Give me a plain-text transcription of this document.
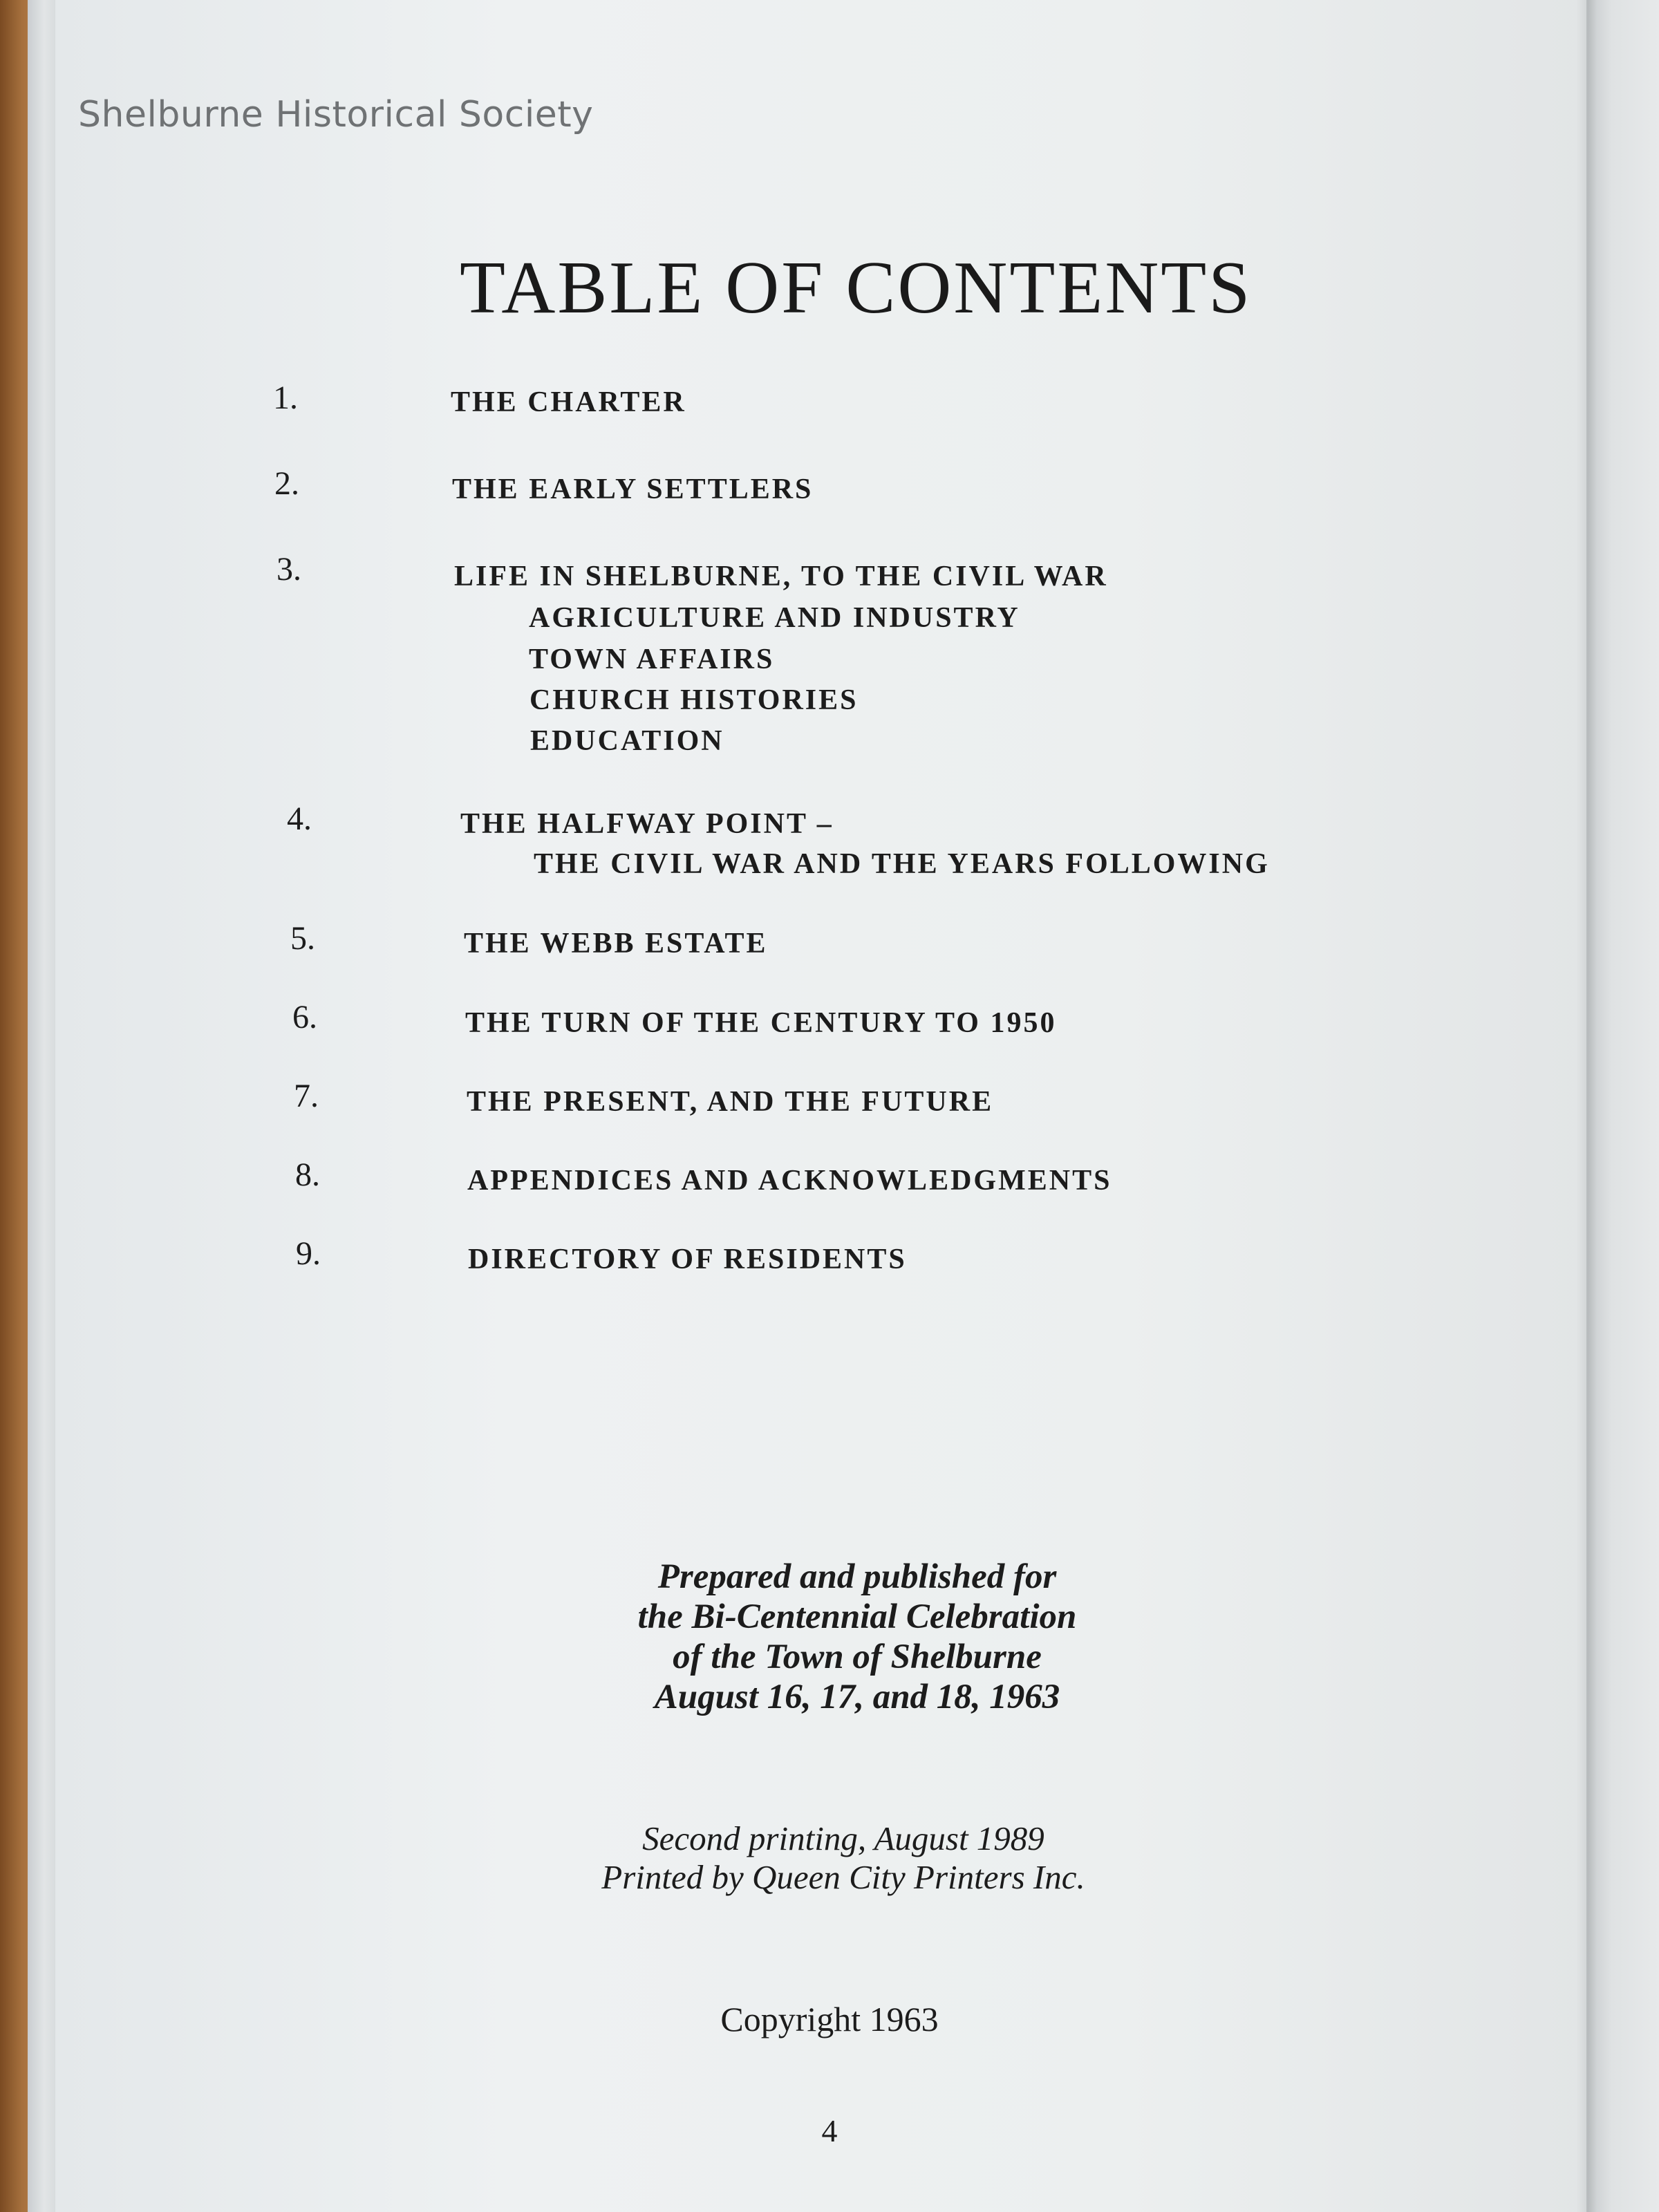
Shelburne Historical Society
TABLE OF CONTENTS
1.	THE CHARTER
2.	THE EARLY SETTLERS
3.	LIFE IN SHELBURNE, TO THE CIVIL WAR
AGRICULTURE AND INDUSTRY
TOWN AFFAIRS
CHURCH HISTORIES
EDUCATION
4.	THE HALFWAY POINT –
THE CIVIL WAR AND THE YEARS FOLLOWING
5.	THE WEBB ESTATE
6.	THE TURN OF THE CENTURY TO 1950
7.	THE PRESENT, AND THE FUTURE
8.	APPENDICES AND ACKNOWLEDGMENTS
9.	DIRECTORY OF RESIDENTS
Prepared and published for
the Bi-Centennial Celebration
of the Town of Shelburne
August 16, 17, and 18, 1963
Second printing, August 1989
Printed by Queen City Printers Inc.
Copyright 1963
4
